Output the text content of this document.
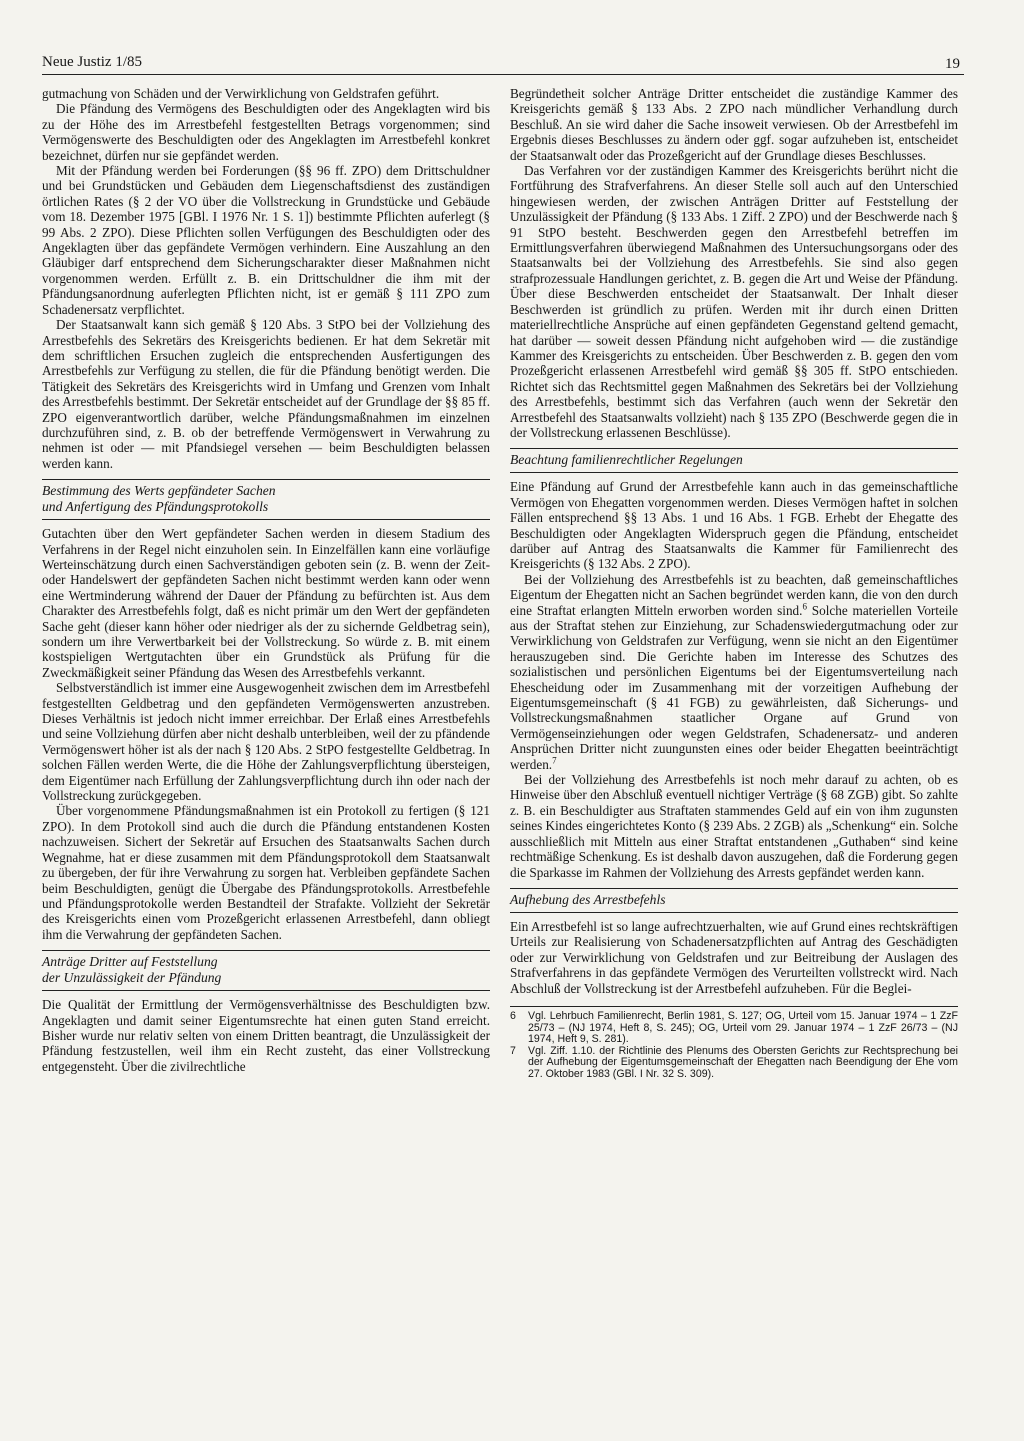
Neue Justiz 1/85	19

gutmachung von Schäden und der Verwirklichung von Geldstrafen geführt.

Die Pfändung des Vermögens des Beschuldigten oder des Angeklagten wird bis zu der Höhe des im Arrestbefehl festgestellten Betrags vorgenommen; sind Vermögenswerte des Beschuldigten oder des Angeklagten im Arrestbefehl konkret bezeichnet, dürfen nur sie gepfändet werden.

Mit der Pfändung werden bei Forderungen (§§ 96 ff. ZPO) dem Drittschuldner und bei Grundstücken und Gebäuden dem Liegenschaftsdienst des zuständigen örtlichen Rates (§ 2 der VO über die Vollstreckung in Grundstücke und Gebäude vom 18. Dezember 1975 [GBl. I 1976 Nr. 1 S. 1]) bestimmte Pflichten auferlegt (§ 99 Abs. 2 ZPO). Diese Pflichten sollen Verfügungen des Beschuldigten oder des Angeklagten über das gepfändete Vermögen verhindern. Eine Auszahlung an den Gläubiger darf entsprechend dem Sicherungscharakter dieser Maßnahmen nicht vorgenommen werden. Erfüllt z. B. ein Drittschuldner die ihm mit der Pfändungsanordnung auferlegten Pflichten nicht, ist er gemäß § 111 ZPO zum Schadenersatz verpflichtet.

Der Staatsanwalt kann sich gemäß § 120 Abs. 3 StPO bei der Vollziehung des Arrestbefehls des Sekretärs des Kreisgerichts bedienen. Er hat dem Sekretär mit dem schriftlichen Ersuchen zugleich die entsprechenden Ausfertigungen des Arrestbefehls zur Verfügung zu stellen, die für die Pfändung benötigt werden. Die Tätigkeit des Sekretärs des Kreisgerichts wird in Umfang und Grenzen vom Inhalt des Arrestbefehls bestimmt. Der Sekretär entscheidet auf der Grundlage der §§ 85 ff. ZPO eigenverantwortlich darüber, welche Pfändungsmaßnahmen im einzelnen durchzuführen sind, z. B. ob der betreffende Vermögenswert in Verwahrung zu nehmen ist oder — mit Pfandsiegel versehen — beim Beschuldigten belassen werden kann.

Bestimmung des Werts gepfändeter Sachen
und Anfertigung des Pfändungsprotokolls

Gutachten über den Wert gepfändeter Sachen werden in diesem Stadium des Verfahrens in der Regel nicht einzuholen sein. In Einzelfällen kann eine vorläufige Werteinschätzung durch einen Sachverständigen geboten sein (z. B. wenn der Zeit- oder Handelswert der gepfändeten Sachen nicht bestimmt werden kann oder wenn eine Wertminderung während der Dauer der Pfändung zu befürchten ist. Aus dem Charakter des Arrestbefehls folgt, daß es nicht primär um den Wert der gepfändeten Sache geht (dieser kann höher oder niedriger als der zu sichernde Geldbetrag sein), sondern um ihre Verwertbarkeit bei der Vollstreckung. So würde z. B. mit einem kostspieligen Wertgutachten über ein Grundstück als Prüfung für die Zweckmäßigkeit seiner Pfändung das Wesen des Arrestbefehls verkannt.

Selbstverständlich ist immer eine Ausgewogenheit zwischen dem im Arrestbefehl festgestellten Geldbetrag und den gepfändeten Vermögenswerten anzustreben. Dieses Verhältnis ist jedoch nicht immer erreichbar. Der Erlaß eines Arrestbefehls und seine Vollziehung dürfen aber nicht deshalb unterbleiben, weil der zu pfändende Vermögenswert höher ist als der nach § 120 Abs. 2 StPO festgestellte Geldbetrag. In solchen Fällen werden Werte, die die Höhe der Zahlungsverpflichtung übersteigen, dem Eigentümer nach Erfüllung der Zahlungsverpflichtung durch ihn oder nach der Vollstreckung zurückgegeben.

Über vorgenommene Pfändungsmaßnahmen ist ein Protokoll zu fertigen (§ 121 ZPO). In dem Protokoll sind auch die durch die Pfändung entstandenen Kosten nachzuweisen. Sichert der Sekretär auf Ersuchen des Staatsanwalts Sachen durch Wegnahme, hat er diese zusammen mit dem Pfändungsprotokoll dem Staatsanwalt zu übergeben, der für ihre Verwahrung zu sorgen hat. Verbleiben gepfändete Sachen beim Beschuldigten, genügt die Übergabe des Pfändungsprotokolls. Arrestbefehle und Pfändungsprotokolle werden Bestandteil der Strafakte. Vollzieht der Sekretär des Kreisgerichts einen vom Prozeßgericht erlassenen Arrestbefehl, dann obliegt ihm die Verwahrung der gepfändeten Sachen.

Anträge Dritter auf Feststellung
der Unzulässigkeit der Pfändung

Die Qualität der Ermittlung der Vermögensverhältnisse des Beschuldigten bzw. Angeklagten und damit seiner Eigentumsrechte hat einen guten Stand erreicht. Bisher wurde nur relativ selten von einem Dritten beantragt, die Unzulässigkeit der Pfändung festzustellen, weil ihm ein Recht zusteht, das einer Vollstreckung entgegensteht. Über die zivilrechtliche

Begründetheit solcher Anträge Dritter entscheidet die zuständige Kammer des Kreisgerichts gemäß § 133 Abs. 2 ZPO nach mündlicher Verhandlung durch Beschluß. An sie wird daher die Sache insoweit verwiesen. Ob der Arrestbefehl im Ergebnis dieses Beschlusses zu ändern oder ggf. sogar aufzuheben ist, entscheidet der Staatsanwalt oder das Prozeßgericht auf der Grundlage dieses Beschlusses.

Das Verfahren vor der zuständigen Kammer des Kreisgerichts berührt nicht die Fortführung des Strafverfahrens. An dieser Stelle soll auch auf den Unterschied hingewiesen werden, der zwischen Anträgen Dritter auf Feststellung der Unzulässigkeit der Pfändung (§ 133 Abs. 1 Ziff. 2 ZPO) und der Beschwerde nach § 91 StPO besteht. Beschwerden gegen den Arrestbefehl betreffen im Ermittlungsverfahren überwiegend Maßnahmen des Untersuchungsorgans oder des Staatsanwalts bei der Vollziehung des Arrestbefehls. Sie sind also gegen strafprozessuale Handlungen gerichtet, z. B. gegen die Art und Weise der Pfändung. Über diese Beschwerden entscheidet der Staatsanwalt. Der Inhalt dieser Beschwerden ist gründlich zu prüfen. Werden mit ihr durch einen Dritten materiellrechtliche Ansprüche auf einen gepfändeten Gegenstand geltend gemacht, hat darüber — soweit dessen Pfändung nicht aufgehoben wird — die zuständige Kammer des Kreisgerichts zu entscheiden. Über Beschwerden z. B. gegen den vom Prozeßgericht erlassenen Arrestbefehl wird gemäß §§ 305 ff. StPO entschieden. Richtet sich das Rechtsmittel gegen Maßnahmen des Sekretärs bei der Vollziehung des Arrestbefehls, bestimmt sich das Verfahren (auch wenn der Sekretär den Arrestbefehl des Staatsanwalts vollzieht) nach § 135 ZPO (Beschwerde gegen die in der Vollstreckung erlassenen Beschlüsse).

Beachtung familienrechtlicher Regelungen

Eine Pfändung auf Grund der Arrestbefehle kann auch in das gemeinschaftliche Vermögen von Ehegatten vorgenommen werden. Dieses Vermögen haftet in solchen Fällen entsprechend §§ 13 Abs. 1 und 16 Abs. 1 FGB. Erhebt der Ehegatte des Beschuldigten oder Angeklagten Widerspruch gegen die Pfändung, entscheidet darüber auf Antrag des Staatsanwalts die Kammer für Familienrecht des Kreisgerichts (§ 132 Abs. 2 ZPO).

Bei der Vollziehung des Arrestbefehls ist zu beachten, daß gemeinschaftliches Eigentum der Ehegatten nicht an Sachen begründet werden kann, die von den durch eine Straftat erlangten Mitteln erworben worden sind.$^6$ Solche materiellen Vorteile aus der Straftat stehen zur Einziehung, zur Schadenswiedergutmachung oder zur Verwirklichung von Geldstrafen zur Verfügung, wenn sie nicht an den Eigentümer herauszugeben sind. Die Gerichte haben im Interesse des Schutzes des sozialistischen und persönlichen Eigentums bei der Eigentumsverteilung nach Ehescheidung oder im Zusammenhang mit der vorzeitigen Aufhebung der Eigentumsgemeinschaft (§ 41 FGB) zu gewährleisten, daß Sicherungs- und Vollstreckungsmaßnahmen staatlicher Organe auf Grund von Vermögenseinziehungen oder wegen Geldstrafen, Schadenersatz- und anderen Ansprüchen Dritter nicht zuungunsten eines oder beider Ehegatten beeinträchtigt werden.$^7$

Bei der Vollziehung des Arrestbefehls ist noch mehr darauf zu achten, ob es Hinweise über den Abschluß eventuell nichtiger Verträge (§ 68 ZGB) gibt. So zahlte z. B. ein Beschuldigter aus Straftaten stammendes Geld auf ein von ihm zugunsten seines Kindes eingerichtetes Konto (§ 239 Abs. 2 ZGB) als „Schenkung“ ein. Solche ausschließlich mit Mitteln aus einer Straftat entstandenen „Guthaben“ sind keine rechtmäßige Schenkung. Es ist deshalb davon auszugehen, daß die Forderung gegen die Sparkasse im Rahmen der Vollziehung des Arrests gepfändet werden kann.

Aufhebung des Arrestbefehls

Ein Arrestbefehl ist so lange aufrechtzuerhalten, wie auf Grund eines rechtskräftigen Urteils zur Realisierung von Schadenersatzpflichten auf Antrag des Geschädigten oder zur Verwirklichung von Geldstrafen und zur Beitreibung der Auslagen des Strafverfahrens in das gepfändete Vermögen des Verurteilten vollstreckt wird. Nach Abschluß der Vollstreckung ist der Arrestbefehl aufzuheben. Für die Beglei-

6	Vgl. Lehrbuch Familienrecht, Berlin 1981, S. 127; OG, Urteil vom 15. Januar 1974 – 1 ZzF 25/73 – (NJ 1974, Heft 8, S. 245); OG, Urteil vom 29. Januar 1974 – 1 ZzF 26/73 – (NJ 1974, Heft 9, S. 281).
7	Vgl. Ziff. 1.10. der Richtlinie des Plenums des Obersten Gerichts zur Rechtsprechung bei der Aufhebung der Eigentumsgemeinschaft der Ehegatten nach Beendigung der Ehe vom 27. Oktober 1983 (GBl. I Nr. 32 S. 309).
